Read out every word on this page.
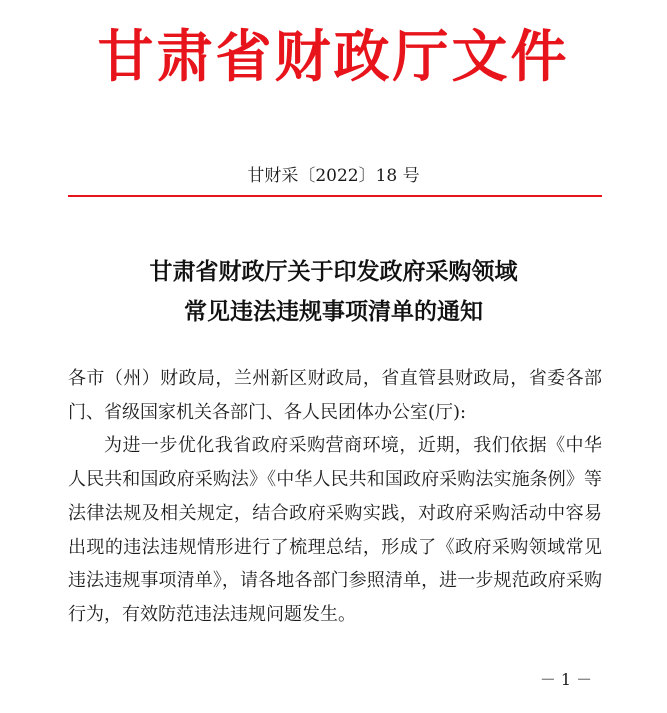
甘肃省财政厅文件
甘财采〔2022〕18 号
甘肃省财政厅关于印发政府采购领域
常见违法违规事项清单的通知

各市（州）财政局，兰州新区财政局，省直管县财政局，省委各部门、省级国家机关各部门、各人民团体办公室(厅):

为进一步优化我省政府采购营商环境，近期，我们依据《中华人民共和国政府采购法》《中华人民共和国政府采购法实施条例》等法律法规及相关规定，结合政府采购实践，对政府采购活动中容易出现的违法违规情形进行了梳理总结，形成了《政府采购领域常见违法违规事项清单》，请各地各部门参照清单，进一步规范政府采购行为，有效防范违法违规问题发生。

－ 1 －
